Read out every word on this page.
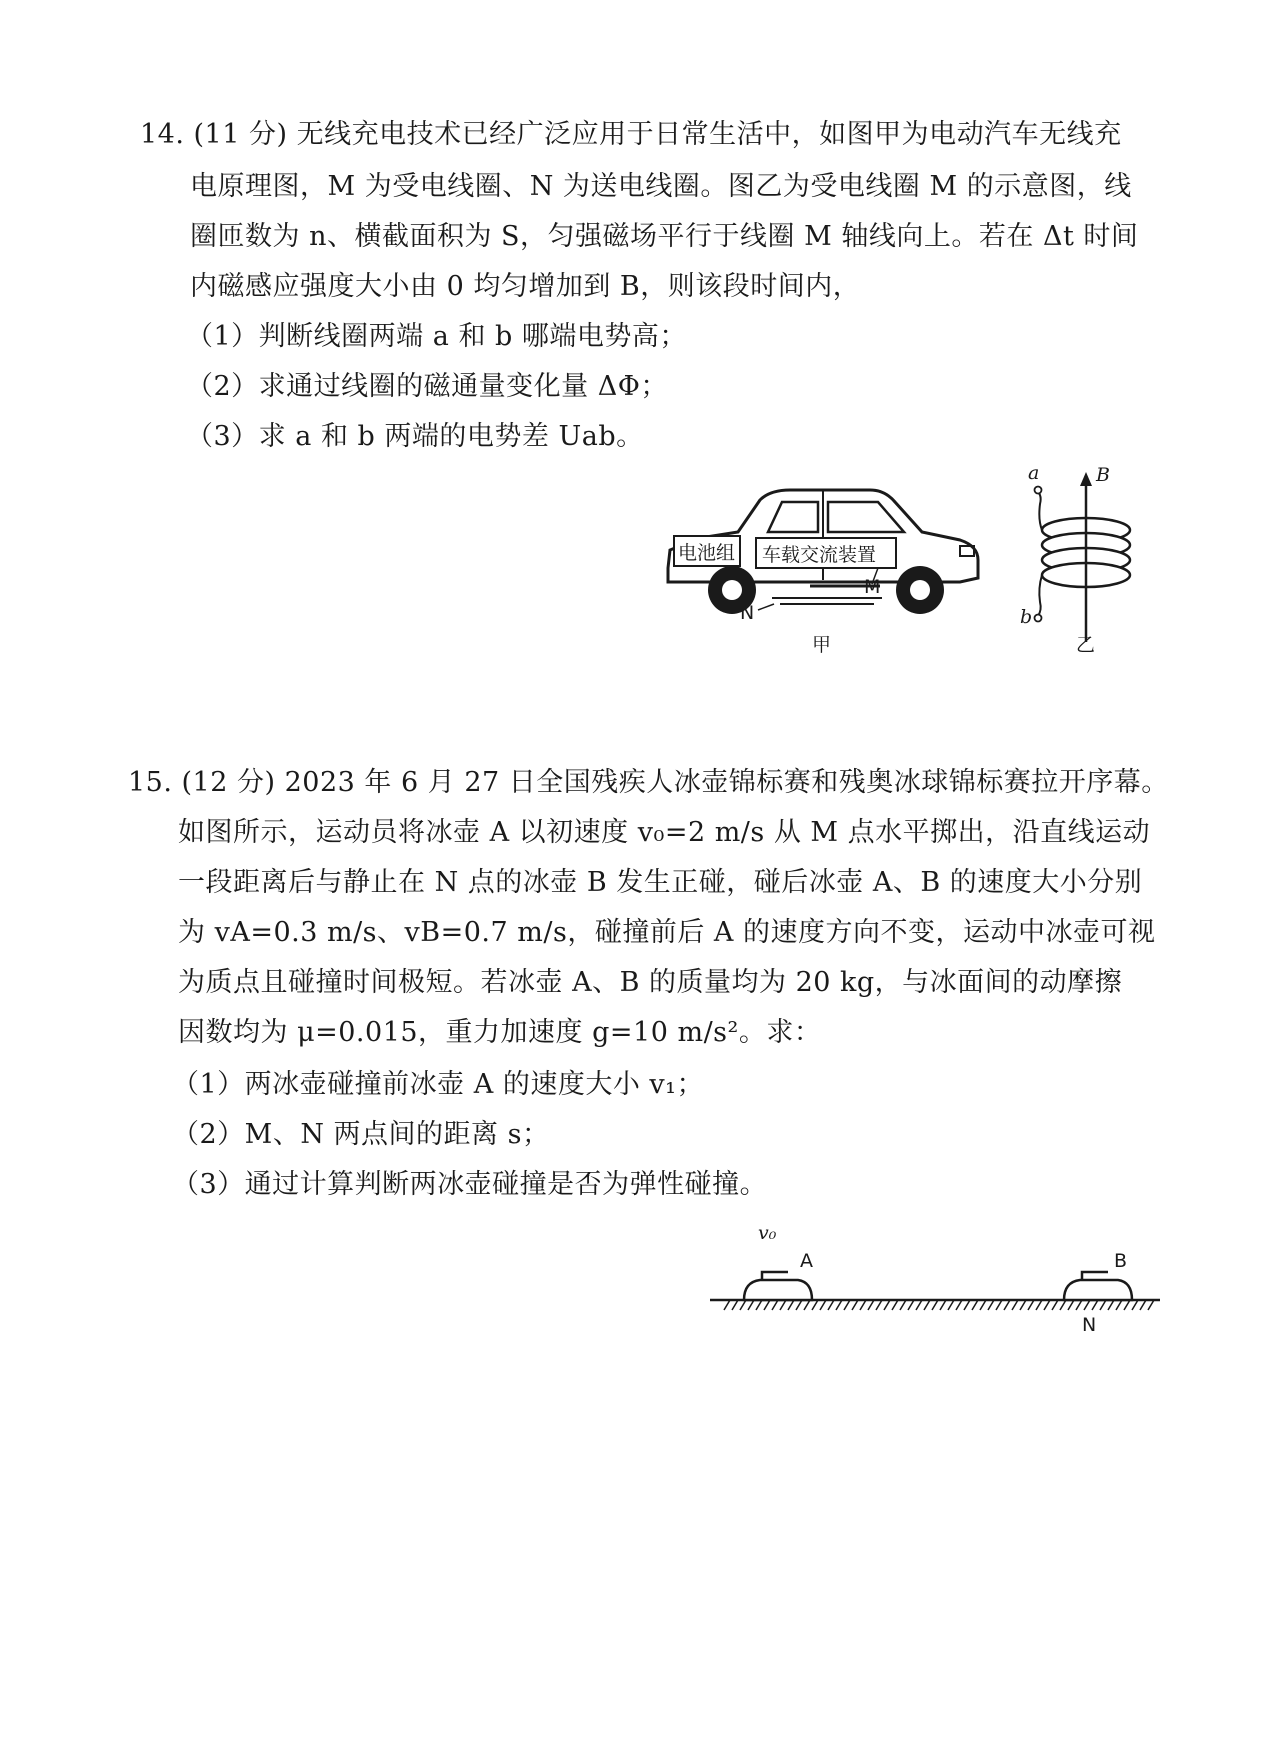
14. (11 分) 无线充电技术已经广泛应用于日常生活中，如图甲为电动汽车无线充
电原理图，M 为受电线圈、N 为送电线圈。图乙为受电线圈 M 的示意图，线
圈匝数为 n、横截面积为 S，匀强磁场平行于线圈 M 轴线向上。若在 Δt 时间
内磁感应强度大小由 0 均匀增加到 B，则该段时间内，
（1）判断线圈两端 a 和 b 哪端电势高；
（2）求通过线圈的磁通量变化量 ΔΦ；
（3）求 a 和 b 两端的电势差 Uab。
电池组 车载交流装置
M
N
甲
a	B
b
乙
15. (12 分) 2023 年 6 月 27 日全国残疾人冰壶锦标赛和残奥冰球锦标赛拉开序幕。
如图所示，运动员将冰壶 A 以初速度 v₀=2 m/s 从 M 点水平掷出，沿直线运动
一段距离后与静止在 N 点的冰壶 B 发生正碰，碰后冰壶 A、B 的速度大小分别
为 vA=0.3 m/s、vB=0.7 m/s，碰撞前后 A 的速度方向不变，运动中冰壶可视
为质点且碰撞时间极短。若冰壶 A、B 的质量均为 20 kg，与冰面间的动摩擦
因数均为 μ=0.015，重力加速度 g=10 m/s²。求：
（1）两冰壶碰撞前冰壶 A 的速度大小 v₁；
（2）M、N 两点间的距离 s；
（3）通过计算判断两冰壶碰撞是否为弹性碰撞。
v₀
A	B
N
